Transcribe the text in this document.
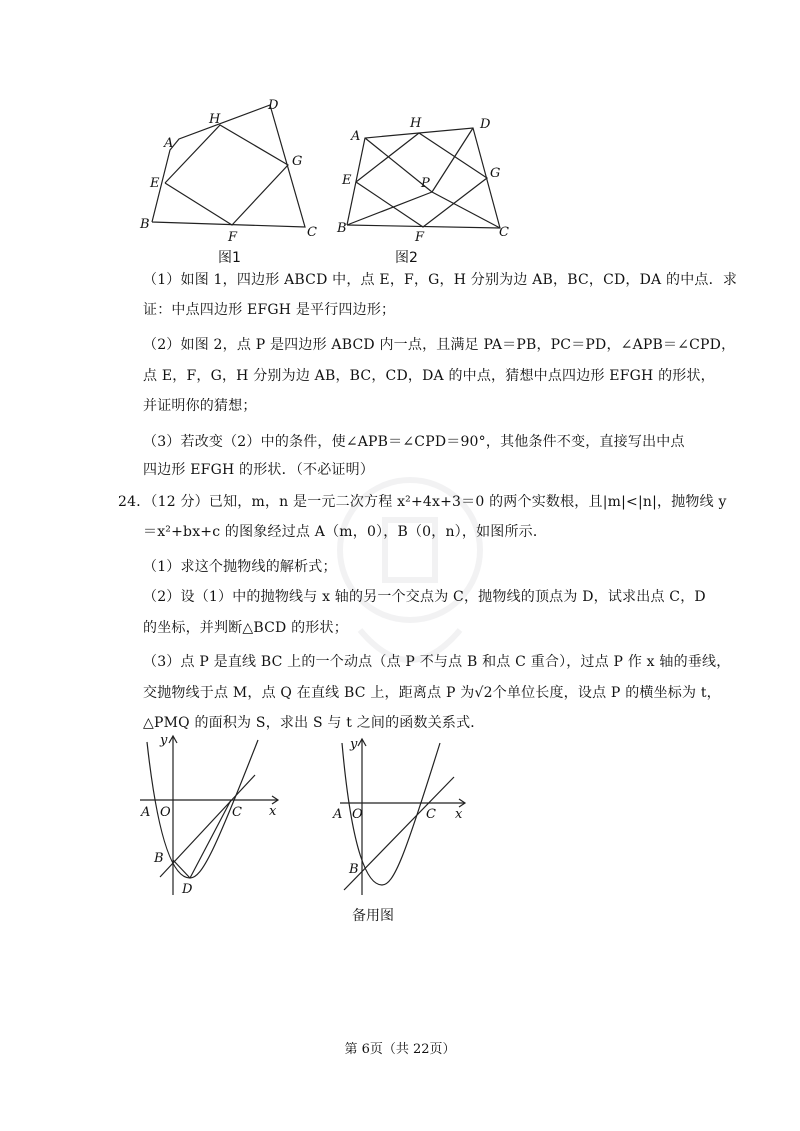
A
B
C
D
E
F
G
H
图1
A
B	C
D
E
F
G
H
P
图2
（1）如图 1，四边形 ABCD 中，点 E，F，G，H 分别为边 AB，BC，CD，DA 的中点．求
证：中点四边形 EFGH 是平行四边形；
（2）如图 2，点 P 是四边形 ABCD 内一点，且满足 PA＝PB，PC＝PD，∠APB＝∠CPD，
点 E，F，G，H 分别为边 AB，BC，CD，DA 的中点，猜想中点四边形 EFGH 的形状，
并证明你的猜想；
（3）若改变（2）中的条件，使∠APB＝∠CPD＝90°，其他条件不变，直接写出中点
四边形 EFGH 的形状．（不必证明）
24．（12 分）已知，m，n 是一元二次方程 x²+4x+3＝0 的两个实数根，且|m|<|n|，抛物线 y
＝x²+bx+c 的图象经过点 A（m，0），B（0，n），如图所示．
（1）求这个抛物线的解析式；
（2）设（1）中的抛物线与 x 轴的另一个交点为 C，抛物线的顶点为 D，试求出点 C，D
的坐标，并判断△BCD 的形状；
（3）点 P 是直线 BC 上的一个动点（点 P 不与点 B 和点 C 重合），过点 P 作 x 轴的垂线，
交抛物线于点 M，点 Q 在直线 BC 上，距离点 P 为√2个单位长度，设点 P 的横坐标为 t，
△PMQ 的面积为 S，求出 S 与 t 之间的函数关系式．
y
x
A O
B
C
D
y
x
A O
B
C
备用图
第 6页（共 22页）
